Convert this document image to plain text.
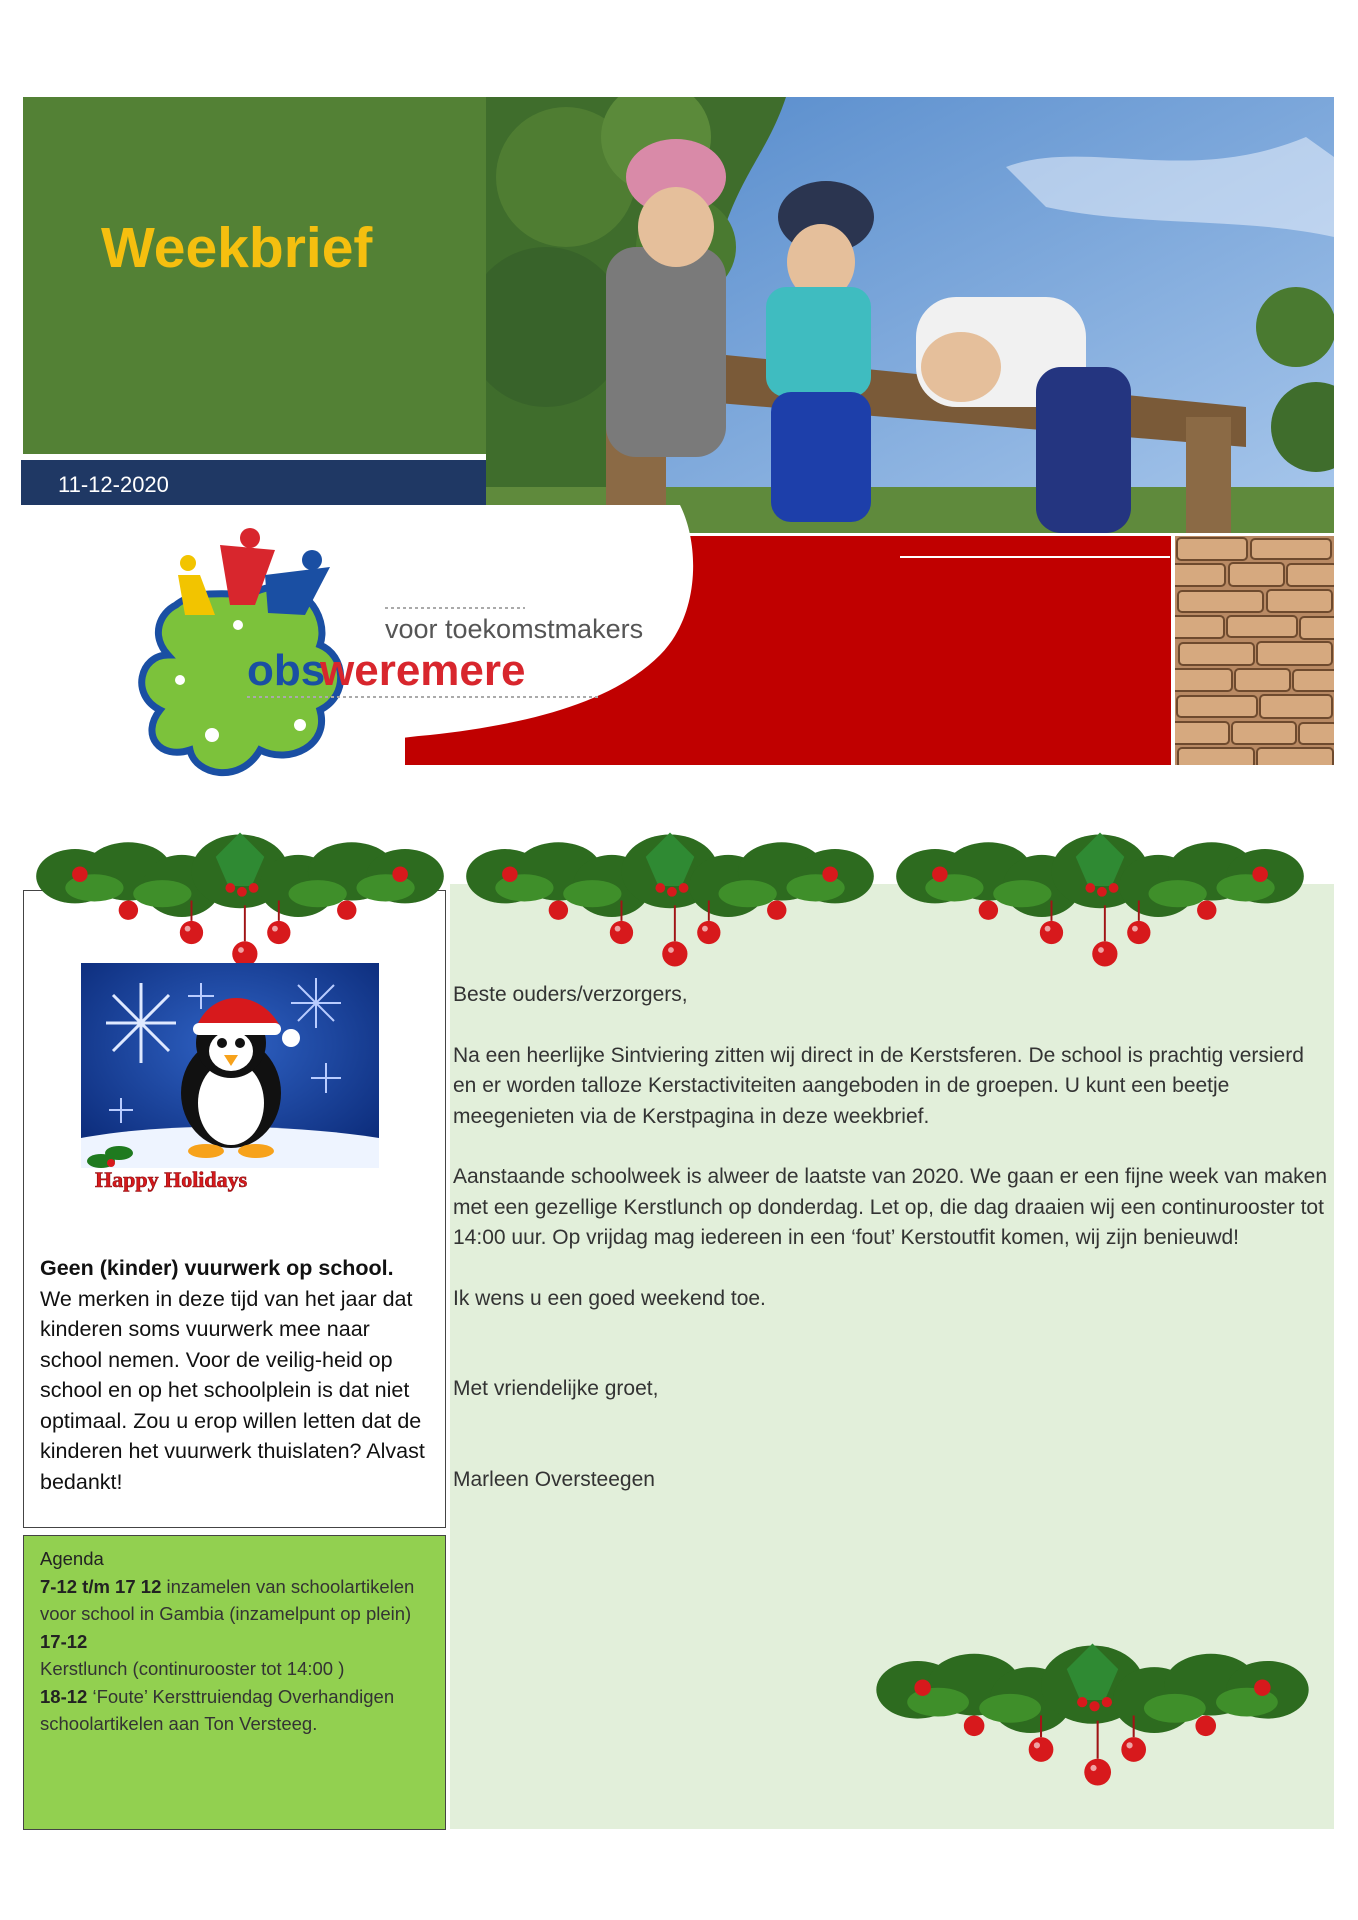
Weekbrief
11-12-2020
voor toekomstmakers
obs
weremere
Happy Holidays
Geen (kinder) vuurwerk op school.
We merken in deze tijd van het jaar dat kinderen soms vuurwerk mee naar school nemen. Voor de veilig-heid op school en op het schoolplein is dat niet optimaal. Zou u erop willen letten dat de kinderen het vuurwerk thuislaten? Alvast bedankt!
Agenda
7-12 t/m 17 12 inzamelen van schoolartikelen voor school in Gambia (inzamelpunt op plein)
17-12
Kerstlunch (continurooster tot 14:00 )
18-12 ‘Foute’ Kersttruiendag Overhandigen schoolartikelen aan Ton Versteeg.

Beste ouders/verzorgers,

Na een heerlijke Sintviering zitten wij direct in de Kerstsferen. De school is prachtig versierd en er worden talloze Kerstactiviteiten aangeboden in de groepen. U kunt een beetje meegenieten via de Kerstpagina in deze weekbrief.

Aanstaande schoolweek is alweer de laatste van 2020. We gaan er een fijne week van maken met een gezellige Kerstlunch op donderdag. Let op, die dag draaien wij een continurooster tot 14:00 uur. Op vrijdag mag iedereen in een ‘fout’ Kerstoutfit komen, wij zijn benieuwd!

Ik wens u een goed weekend toe.

Met vriendelijke groet,

Marleen Oversteegen
